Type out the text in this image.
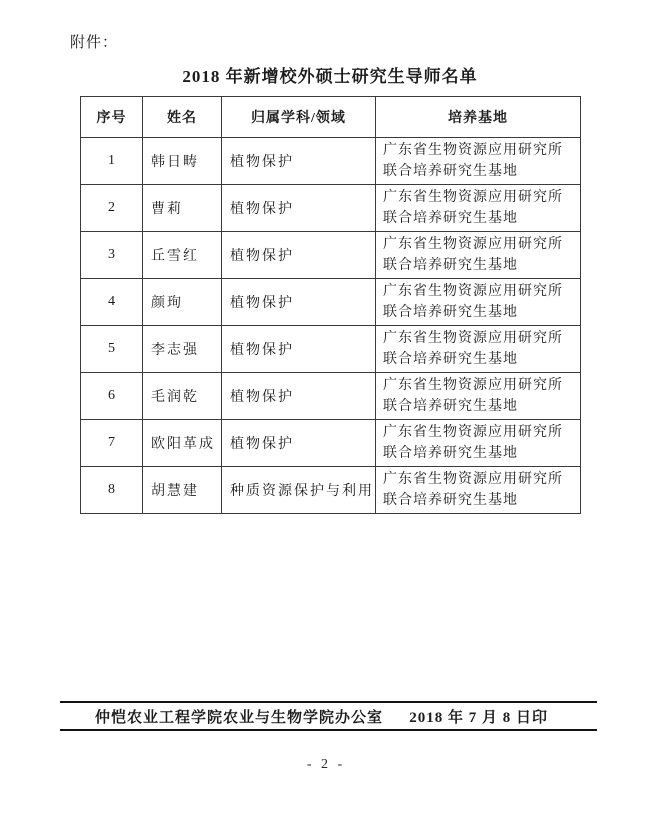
附件：
2018 年新增校外硕士研究生导师名单
序号	姓名	归属学科/领域	培养基地
1	韩日畴	植物保护	广东省生物资源应用研究所
联合培养研究生基地

2	曹莉	植物保护	广东省生物资源应用研究所
联合培养研究生基地

3	丘雪红	植物保护	广东省生物资源应用研究所
联合培养研究生基地

4	颜珣	植物保护	广东省生物资源应用研究所
联合培养研究生基地

5	李志强	植物保护	广东省生物资源应用研究所
联合培养研究生基地

6	毛润乾	植物保护	广东省生物资源应用研究所
联合培养研究生基地

7	欧阳革成	植物保护	广东省生物资源应用研究所
联合培养研究生基地

8	胡慧建	种质资源保护与利用	广东省生物资源应用研究所
联合培养研究生基地
仲恺农业工程学院农业与生物学院办公室 2018 年 7 月 8 日印
- 2 -
